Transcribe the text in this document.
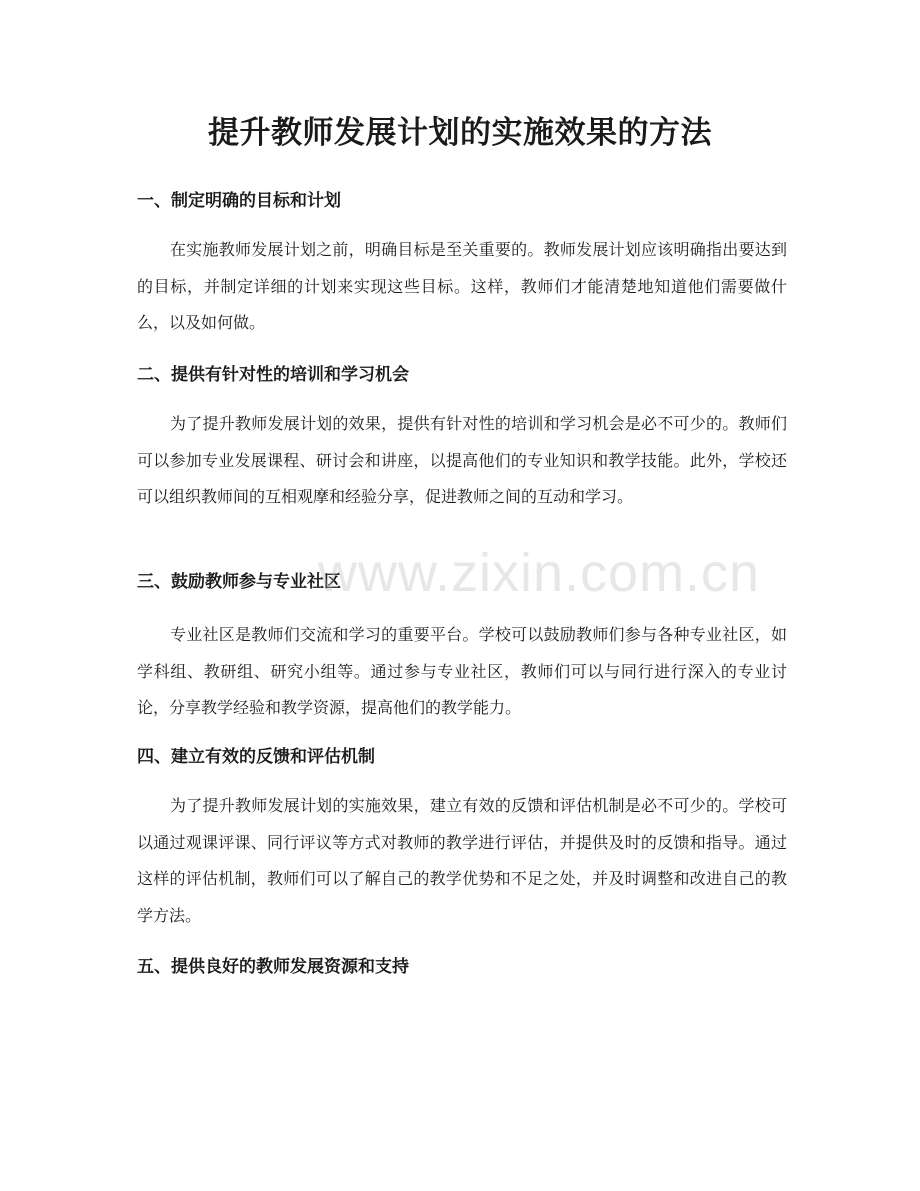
提升教师发展计划的实施效果的方法
一、制定明确的目标和计划

在实施教师发展计划之前，明确目标是至关重要的。教师发展计划应该明确指出要达到的目标，并制定详细的计划来实现这些目标。这样，教师们才能清楚地知道他们需要做什么，以及如何做。

二、提供有针对性的培训和学习机会

为了提升教师发展计划的效果，提供有针对性的培训和学习机会是必不可少的。教师们可以参加专业发展课程、研讨会和讲座，以提高他们的专业知识和教学技能。此外，学校还可以组织教师间的互相观摩和经验分享，促进教师之间的互动和学习。

三、鼓励教师参与专业社区

专业社区是教师们交流和学习的重要平台。学校可以鼓励教师们参与各种专业社区，如学科组、教研组、研究小组等。通过参与专业社区，教师们可以与同行进行深入的专业讨论，分享教学经验和教学资源，提高他们的教学能力。

四、建立有效的反馈和评估机制

为了提升教师发展计划的实施效果，建立有效的反馈和评估机制是必不可少的。学校可以通过观课评课、同行评议等方式对教师的教学进行评估，并提供及时的反馈和指导。通过这样的评估机制，教师们可以了解自己的教学优势和不足之处，并及时调整和改进自己的教学方法。

五、提供良好的教师发展资源和支持
www.zixin.com.cn
